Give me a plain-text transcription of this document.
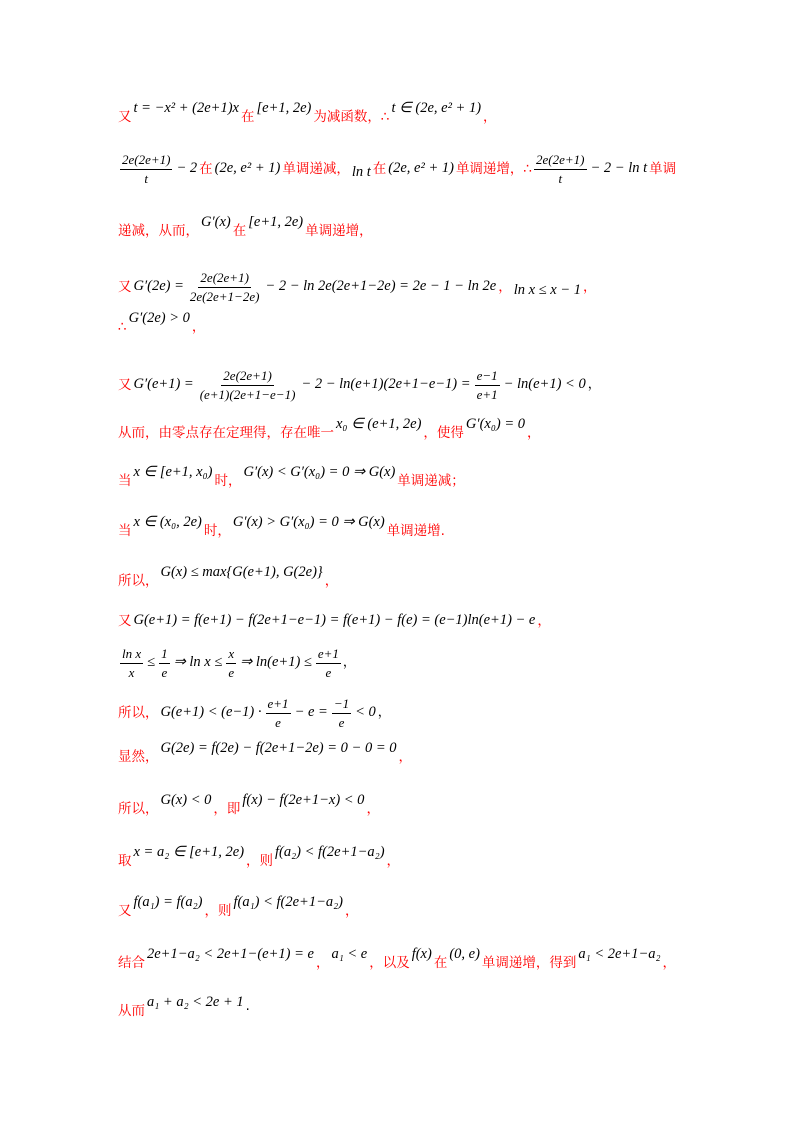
又
t = −x² + (2e+1)x
在
[e+1, 2e)
为减函数，∴
t ∈ (2e, e² + 1)
，
$\frac{2e(2e+1)}{t} - 2$ 在 (2e, e² + 1) 单调递减， ln t 在 (2e, e² + 1) 单调递增，∴ $\frac{2e(2e+1)}{t} - 2 - \ln t$ 单调
递减，从而，
G′(x)
在
[e+1, 2e)
单调递增，
又 $G'(2e) = \frac{2e(2e+1)}{2e(2e+1-2e)} - 2 - \ln 2e(2e+1-2e) = 2e - 1 - \ln 2e$ ， ln x ≤ x − 1 ，
∴
G′(2e) > 0
，
又 $G'(e+1) = \frac{2e(2e+1)}{(e+1)(2e+1-e-1)} - 2 - \ln(e+1)(2e+1-e-1) = \frac{e-1}{e+1} - \ln(e+1) < 0$ ，
从而，由零点存在定理得，存在唯一
x₀ ∈ (e+1, 2e)
，使得
G′(x₀) = 0
，
当
x ∈ [e+1, x₀)
时，
G′(x) < G′(x₀) = 0 ⇒ G(x)
单调递减；
当
x ∈ (x₀, 2e)
时，
G′(x) > G′(x₀) = 0 ⇒ G(x)
单调递增.
所以，
G(x) ≤ max{G(e+1), G(2e)}
，
又 G(e+1) = f(e+1) − f(2e+1−e−1) = f(e+1) − f(e) = (e−1)ln(e+1) − e ，
$\frac{\text{ln x}}{x} \le \frac{1}{e}$ ⇒ $\ln x \le \frac{x}{e}$ ⇒ $\ln(e+1) \le \frac{e+1}{e}$ ，
所以， $G(e+1) < (e-1) \cdot \frac{e+1}{e} - e = \frac{-1}{e} < 0$ ，
显然，
G(2e) = f(2e) − f(2e+1−2e) = 0 − 0 = 0
，
所以，
G(x) < 0
，即
f(x) − f(2e+1−x) < 0
，
取
x = a₂ ∈ [e+1, 2e)
，则
f(a₂) < f(2e+1−a₂)
，
又
f(a₁) = f(a₂)
，则
f(a₁) < f(2e+1−a₂)
，
结合
2e+1−a₂ < 2e+1−(e+1) = e
，
a₁ < e
，以及
f(x)
在
(0, e)
单调递增，得到
a₁ < 2e+1−a₂
，
从而
a₁ + a₂ < 2e + 1 .
